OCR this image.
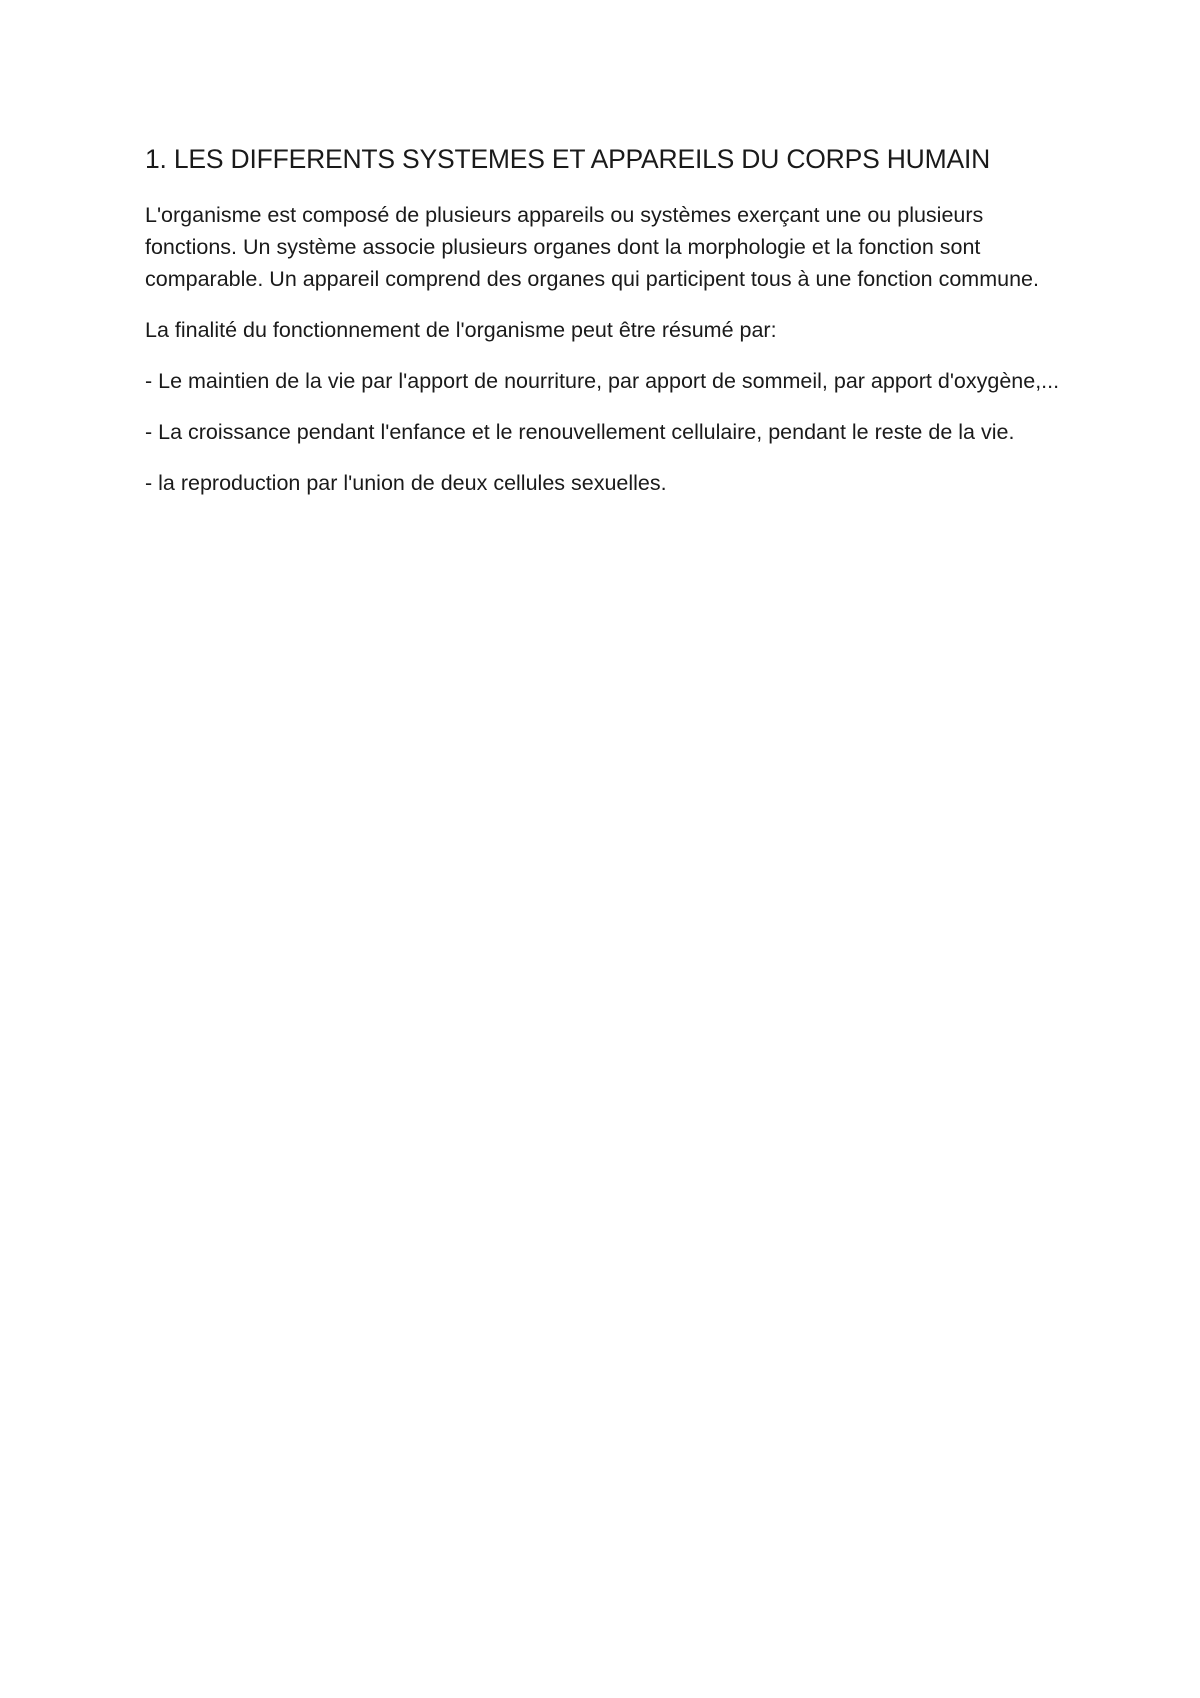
1. LES DIFFERENTS SYSTEMES ET APPAREILS DU CORPS HUMAIN

L'organisme est composé de plusieurs appareils ou systèmes exerçant une ou plusieurs fonctions. Un système associe plusieurs organes dont la morphologie et la fonction sont comparable. Un appareil comprend des organes qui participent tous à une fonction commune.

La finalité du fonctionnement de l'organisme peut être résumé par:

- Le maintien de la vie par l'apport de nourriture, par apport de sommeil, par apport d'oxygène,...

- La croissance pendant l'enfance et le renouvellement cellulaire, pendant le reste de la vie.

- la reproduction par l'union de deux cellules sexuelles.
